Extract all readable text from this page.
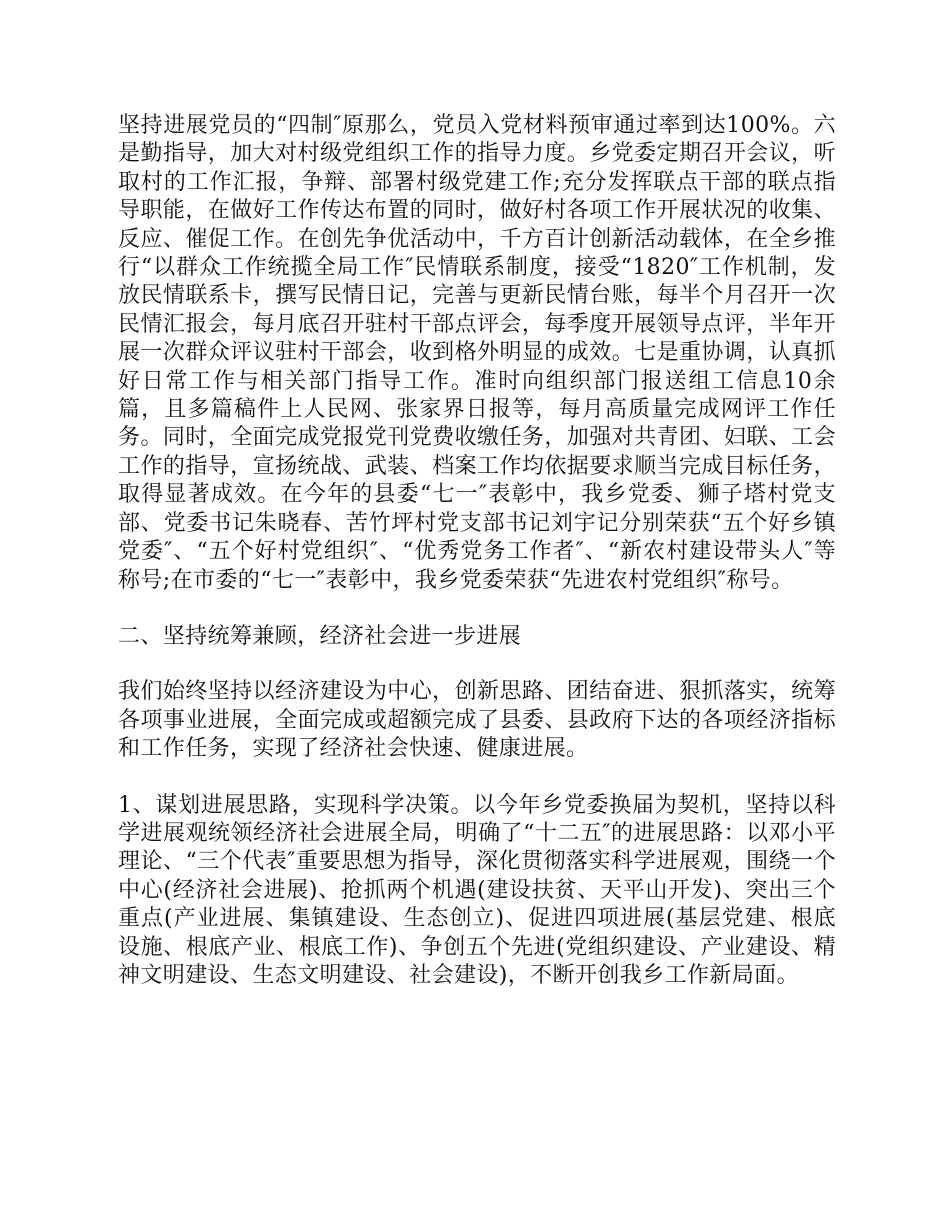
坚持进展党员的“四制″原那么，党员入党材料预审通过率到达100%。六是勤指导，加大对村级党组织工作的指导力度。乡党委定期召开会议，听取村的工作汇报，争辩、部署村级党建工作;充分发挥联点干部的联点指导职能，在做好工作传达布置的同时，做好村各项工作开展状况的收集、反应、催促工作。在创先争优活动中，千方百计创新活动载体，在全乡推行“以群众工作统揽全局工作″民情联系制度，接受“1820″工作机制，发放民情联系卡，撰写民情日记，完善与更新民情台账，每半个月召开一次民情汇报会，每月底召开驻村干部点评会，每季度开展领导点评，半年开展一次群众评议驻村干部会，收到格外明显的成效。七是重协调，认真抓好日常工作与相关部门指导工作。准时向组织部门报送组工信息10余篇，且多篇稿件上人民网、张家界日报等，每月高质量完成网评工作任务。同时，全面完成党报党刊党费收缴任务，加强对共青团、妇联、工会工作的指导，宣扬统战、武装、档案工作均依据要求顺当完成目标任务，取得显著成效。在今年的县委“七一″表彰中，我乡党委、狮子塔村党支部、党委书记朱晓春、苦竹坪村党支部书记刘宇记分别荣获“五个好乡镇党委″、“五个好村党组织″、“优秀党务工作者″、“新农村建设带头人″等称号;在市委的“七一″表彰中，我乡党委荣获“先进农村党组织″称号。

二、坚持统筹兼顾，经济社会进一步进展

我们始终坚持以经济建设为中心，创新思路、团结奋进、狠抓落实，统筹各项事业进展，全面完成或超额完成了县委、县政府下达的各项经济指标和工作任务，实现了经济社会快速、健康进展。

1、谋划进展思路，实现科学决策。以今年乡党委换届为契机，坚持以科学进展观统领经济社会进展全局，明确了“十二五″的进展思路：以邓小平理论、“三个代表″重要思想为指导，深化贯彻落实科学进展观，围绕一个中心(经济社会进展)、抢抓两个机遇(建设扶贫、天平山开发)、突出三个重点(产业进展、集镇建设、生态创立)、促进四项进展(基层党建、根底设施、根底产业、根底工作)、争创五个先进(党组织建设、产业建设、精神文明建设、生态文明建设、社会建设)，不断开创我乡工作新局面。
